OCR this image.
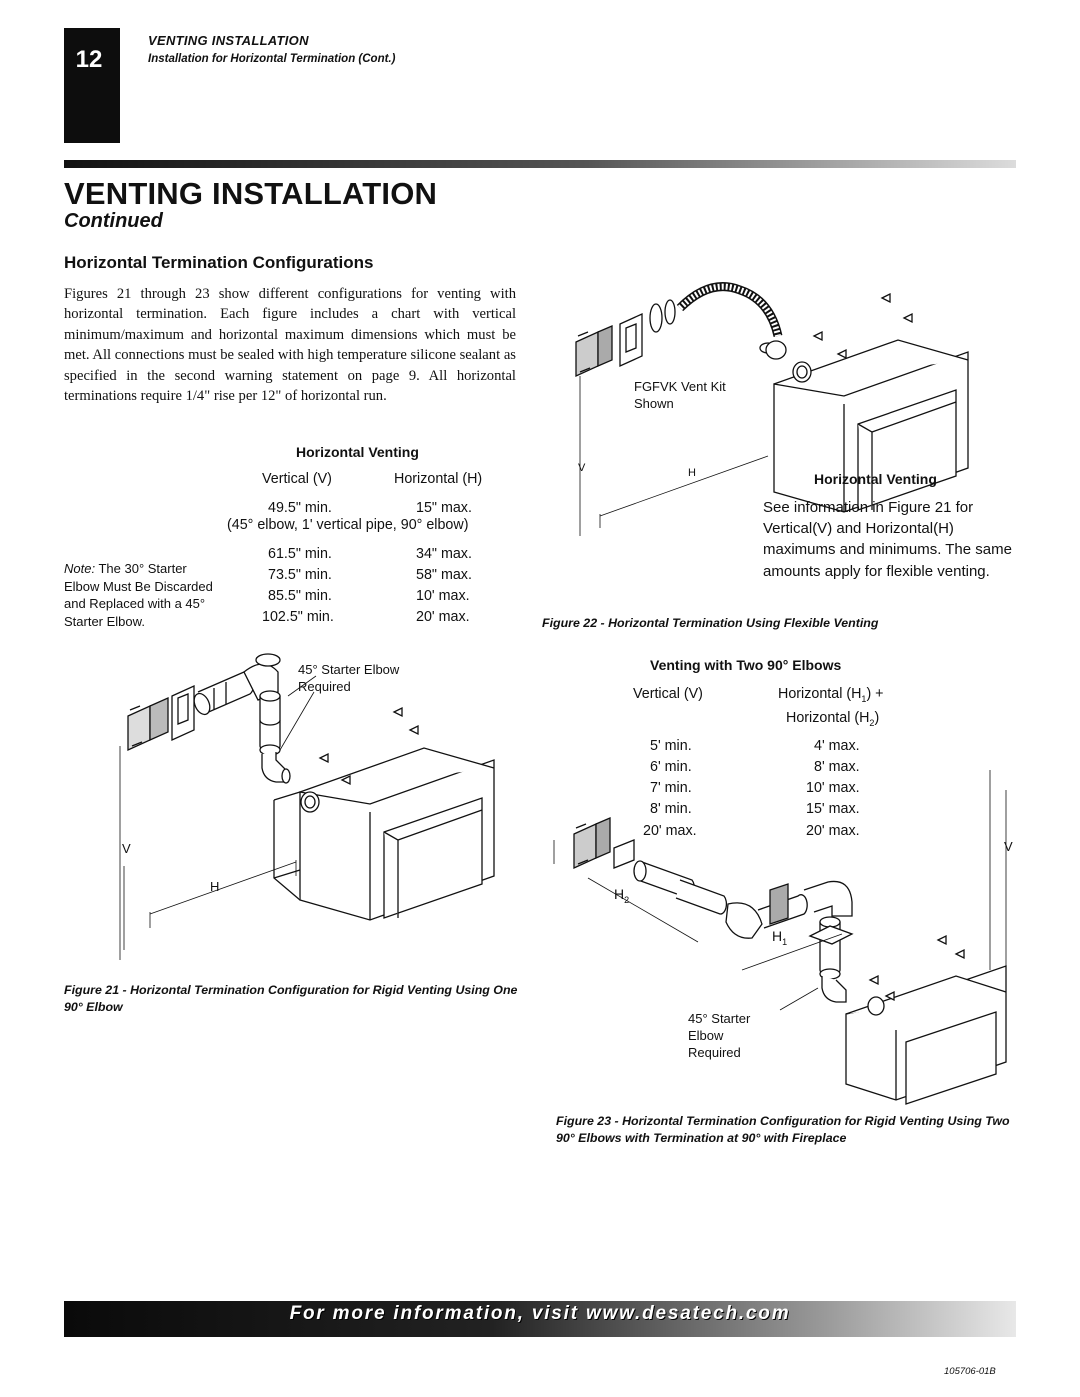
12
VENTING INSTALLATION
Installation for Horizontal Termination (Cont.)
VENTING INSTALLATION
Continued
Horizontal Termination Configurations
Figures 21 through 23 show different configurations for venting with horizontal termination. Each figure includes a chart with vertical minimum/maximum and horizontal maximum dimensions which must be met. All connections must be sealed with high temperature silicone sealant as specified in the second warning statement on page 9. All horizontal terminations require 1/4" rise per 12" of horizontal run.
Horizontal Venting
Vertical (V)	Horizontal (H)
49.5" min.	15" max.
(45° elbow, 1' vertical pipe, 90° elbow)
61.5" min.	34" max.
73.5" min.	58" max.
85.5" min.	10' max.
102.5" min.	20' max.
Note: The 30° Starter Elbow Must Be Discarded and Replaced with a 45° Starter Elbow.
45° Starter Elbow Required
V
H
Figure 21 - Horizontal Termination Configuration for Rigid Venting Using One 90° Elbow
FGFVK Vent Kit Shown
V	H	Horizontal Venting
See information in Figure 21 for Vertical(V) and Horizontal(H) maximums and minimums. The same amounts apply for flexible venting.
Figure 22 - Horizontal Termination Using Flexible Venting
Venting with Two 90° Elbows
Vertical (V)	Horizontal $(H_1)$ +
Horizontal $(H_2)$
5' min.	4' max.
6' min.	8' max.
7' min.	10' max.
8' min.	15' max.
20' max.	20' max.
V
$H_2$
$H_1$
45° Starter Elbow Required
Figure 23 - Horizontal Termination Configuration for Rigid Venting Using Two 90° Elbows with Termination at 90° with Fireplace
For more information, visit www.desatech.com
105706-01B
